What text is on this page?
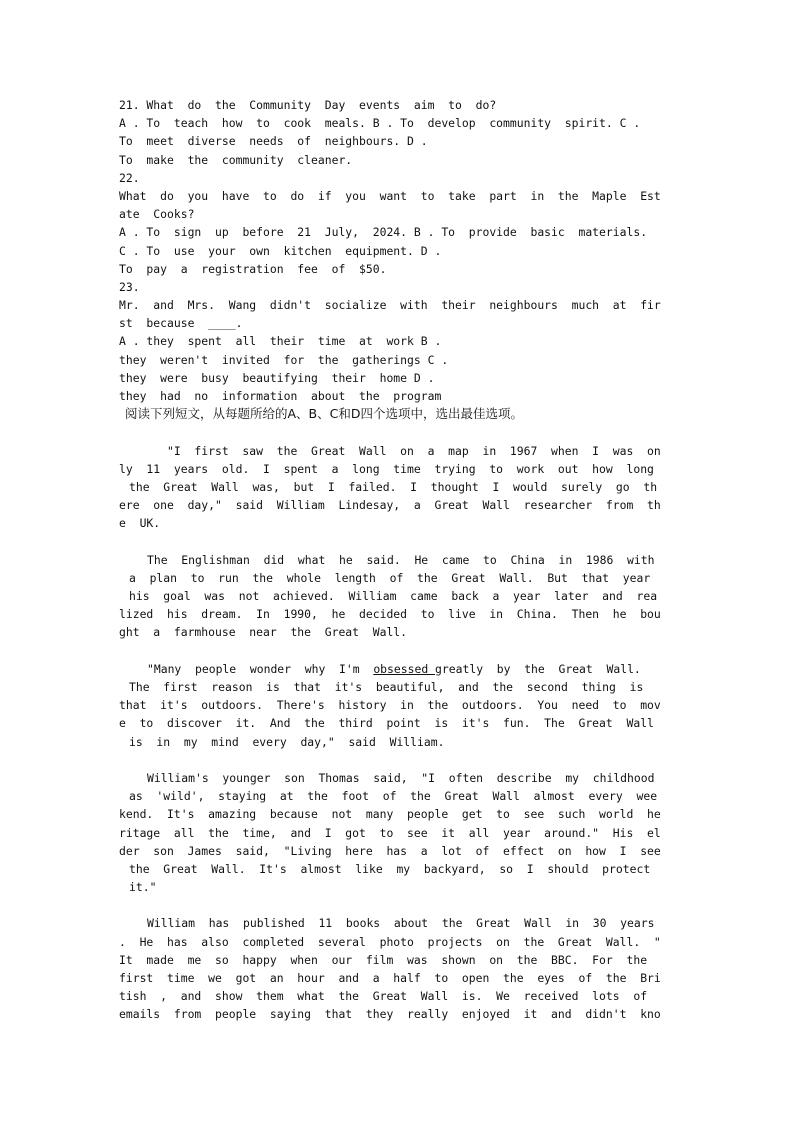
21. What  do  the  Community  Day  events  aim  to  do?
A . To  teach  how  to  cook  meals. B . To  develop  community  spirit. C .
To  meet  diverse  needs  of  neighbours. D .
To  make  the  community  cleaner.
22.
What  do  you  have  to  do  if  you  want  to  take  part  in  the  Maple  Est
ate  Cooks?
A . To  sign  up  before  21  July,  2024. B . To  provide  basic  materials.
C . To  use  your  own  kitchen  equipment. D .
To  pay  a  registration  fee  of  $50.
23.
Mr.  and  Mrs.  Wang  didn't  socialize  with  their  neighbours  much  at  fir
st  because  ____.
A . they  spent  all  their  time  at  work B .
they  weren't  invited  for  the  gatherings C .
they  were  busy  beautifying  their  home D .
they  had  no  information  about  the  program
阅读下列短文，从每题所给的A、B、C和D四个选项中，选出最佳选项。
"I  first  saw  the  Great  Wall  on  a  map  in  1967  when  I  was  on
ly  11  years  old.  I  spent  a  long  time  trying  to  work  out  how  long
the  Great  Wall  was,  but  I  failed.  I  thought  I  would  surely  go  th
ere  one  day,"  said  William  Lindesay,  a  Great  Wall  researcher  from  th
e  UK.
The  Englishman  did  what  he  said.  He  came  to  China  in  1986  with
a  plan  to  run  the  whole  length  of  the  Great  Wall.  But  that  year
his  goal  was  not  achieved.  William  came  back  a  year  later  and  rea
lized  his  dream.  In  1990,  he  decided  to  live  in  China.  Then  he  bou
ght  a  farmhouse  near  the  Great  Wall.
"Many  people  wonder  why  I'm  obsessed greatly  by  the  Great  Wall.
The  first  reason  is  that  it's  beautiful,  and  the  second  thing  is
that  it's  outdoors.  There's  history  in  the  outdoors.  You  need  to  mov
e  to  discover  it.  And  the  third  point  is  it's  fun.  The  Great  Wall
is  in  my  mind  every  day,"  said  William.
William's  younger  son  Thomas  said,  "I  often  describe  my  childhood
as  'wild',  staying  at  the  foot  of  the  Great  Wall  almost  every  wee
kend.  It's  amazing  because  not  many  people  get  to  see  such  world  he
ritage  all  the  time,  and  I  got  to  see  it  all  year  around."  His  el
der  son  James  said,  "Living  here  has  a  lot  of  effect  on  how  I  see
the  Great  Wall.  It's  almost  like  my  backyard,  so  I  should  protect
it."
William  has  published  11  books  about  the  Great  Wall  in  30  years
.  He  has  also  completed  several  photo  projects  on  the  Great  Wall.  "
It  made  me  so  happy  when  our  film  was  shown  on  the  BBC.  For  the
first  time  we  got  an  hour  and  a  half  to  open  the  eyes  of  the  Bri
tish  ,  and  show  them  what  the  Great  Wall  is.  We  received  lots  of
emails  from  people  saying  that  they  really  enjoyed  it  and  didn't  kno
